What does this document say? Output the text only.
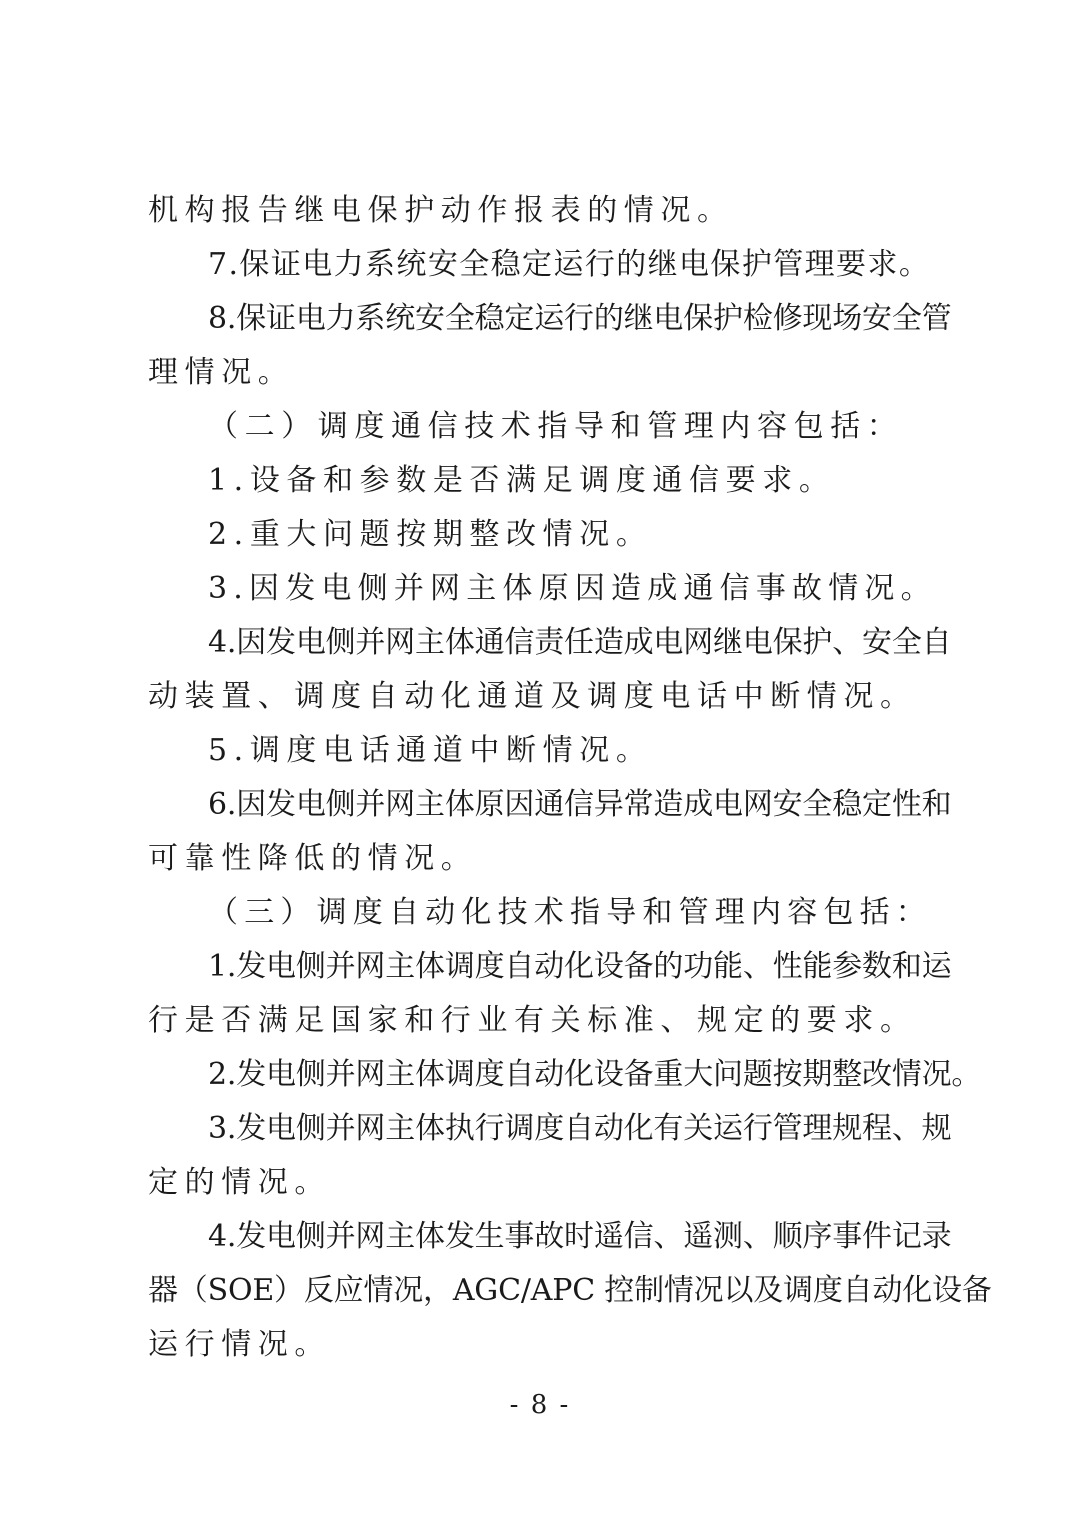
机构报告继电保护动作报表的情况。
7.保证电力系统安全稳定运行的继电保护管理要求。
8.保证电力系统安全稳定运行的继电保护检修现场安全管
理情况。
（二）调度通信技术指导和管理内容包括：
1.设备和参数是否满足调度通信要求。
2.重大问题按期整改情况。
3.因发电侧并网主体原因造成通信事故情况。
4.因发电侧并网主体通信责任造成电网继电保护、安全自
动装置、调度自动化通道及调度电话中断情况。
5.调度电话通道中断情况。
6.因发电侧并网主体原因通信异常造成电网安全稳定性和
可靠性降低的情况。
（三）调度自动化技术指导和管理内容包括：
1.发电侧并网主体调度自动化设备的功能、性能参数和运
行是否满足国家和行业有关标准、规定的要求。
2.发电侧并网主体调度自动化设备重大问题按期整改情况。
3.发电侧并网主体执行调度自动化有关运行管理规程、规
定的情况。
4.发电侧并网主体发生事故时遥信、遥测、顺序事件记录
器（SOE）反应情况，AGC/APC 控制情况以及调度自动化设备
运行情况。
- 8 -
